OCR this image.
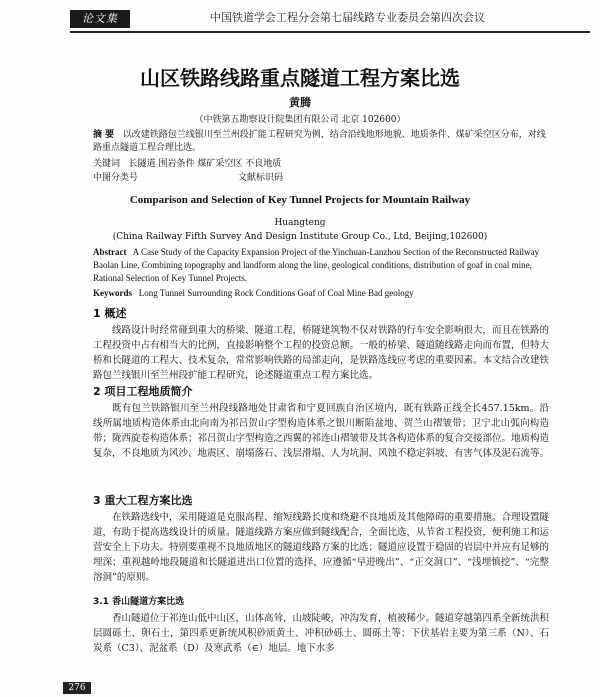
论文集	中国铁道学会工程分会第七届线路专业委员会第四次会议
山区铁路线路重点隧道工程方案比选
黄腾
（中铁第五勘察设计院集团有限公司 北京 102600）
摘 要 以改建铁路包兰线银川至兰州段扩能工程研究为例，结合沿线地形地貌、地质条件、煤矿采空区分布，对线路重点隧道工程合理比选。
关键词 长隧道 围岩条件 煤矿采空区 不良地质
中图分类号	文献标识码
Comparison and Selection of Key Tunnel Projects for Mountain Railway
Huangteng
(China Railway Fifth Survey And Design Institute Group Co., Ltd, Beijing,102600)
Abstract A Case Study of the Capacity Expansion Project of the Yinchuan-Lanzhou Section of the Reconstructed Railway Baolan Line, Combining topography and landform along the line, geological conditions, distribution of goaf in coal mine, Rational Selection of Key Tunnel Projects.
Keywords Long Tunnel Surrounding Rock Conditions Goaf of Coal Mine Bad geology
1 概述
线路设计时经常碰到重大的桥梁、隧道工程，桥隧建筑物不仅对铁路的行车安全影响很大，而且在铁路的工程投资中占有相当大的比例，直接影响整个工程的投资总额。一般的桥梁、隧道随线路走向而布置，但特大桥和长隧道的工程大、技术复杂，常常影响铁路的局部走向，是铁路选线应考虑的重要因素。本文结合改建铁路包兰线银川至兰州段扩能工程研究，论述隧道重点工程方案比选。
2 项目工程地质简介
既有包兰铁路银川至兰州段线路地处甘肃省和宁夏回族自治区境内，既有铁路正线全长457.15km。沿线所属地质构造体系由北向南为祁吕贺山字型构造体系之银川断陷盆地、贺兰山褶皱带；卫宁北山弧向构造带；陇西旋卷构造体系；祁吕贺山字型构造之西翼的祁连山褶皱带及其各构造体系的复合交接部位。地质构造复杂，不良地质为风沙、地震区、崩塌落石、浅层滑塌、人为坑洞、风蚀不稳定斜坡、有害气体及泥石流等。
3 重大工程方案比选
在铁路选线中，采用隧道是克服高程、缩短线路长度和绕避不良地质及其他障碍的重要措施。合理设置隧道，有助于提高选线设计的质量。隧道线路方案应做到隧线配合，全面比选，从节省工程投资，便利施工和运营安全上下功夫。特别要重视不良地质地区的隧道线路方案的比选；隧道应设置于稳固的岩层中并应有足够的埋深；重视越岭地段隧道和长隧道进出口位置的选择，应遵循“早进晚出”、“正交洞口”、“浅埋慎挖”、“完整溶洞”的原则。
3.1 香山隧道方案比选
香山隧道位于祁连山低中山区，山体高耸，山坡陡峻，冲沟发育，植被稀少。隧道穿越第四系全新统洪积层圆砾土、卵石土，第四系更新统风积砂质黄土、冲积砂砾土、圆砾土等；下伏基岩主要为第三系（N）、石炭系（C3）、泥盆系（D）及寒武系（∈）地层。地下水多
276
